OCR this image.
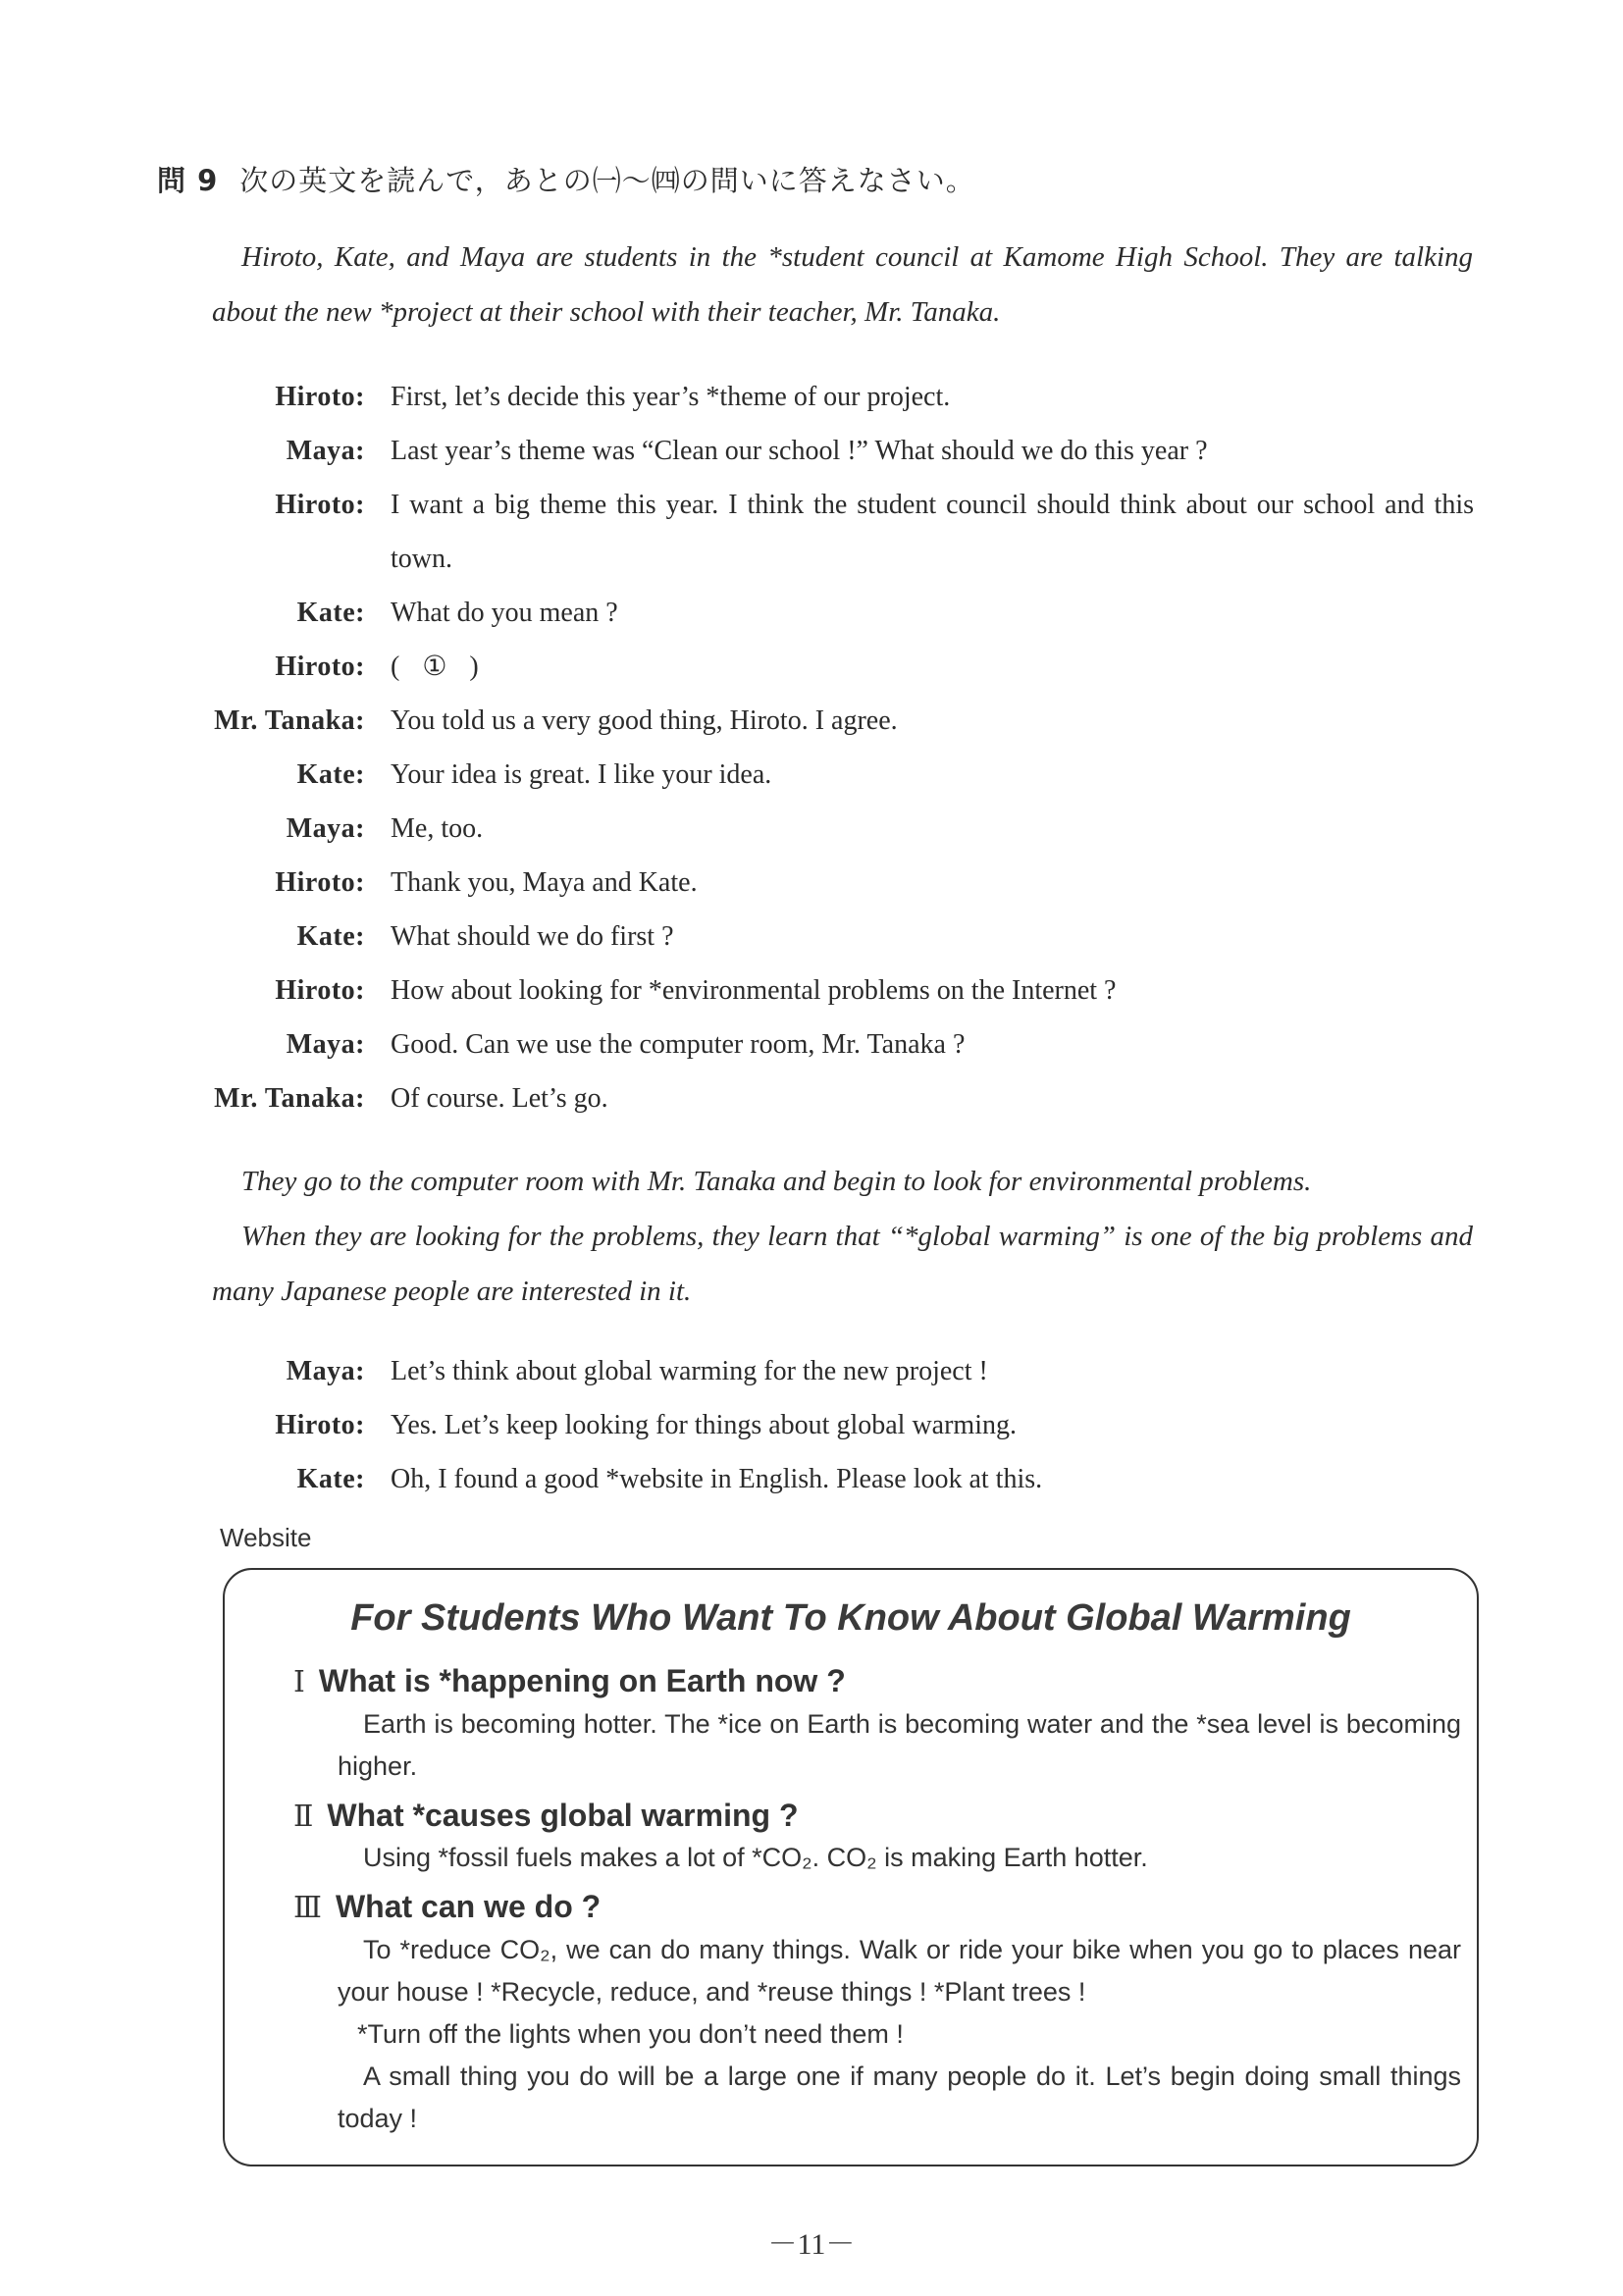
問 9 次の英文を読んで，あとの㈠〜㈣の問いに答えなさい。

Hiroto, Kate, and Maya are students in the *student council at Kamome High School. They are talking about the new *project at their school with their teacher, Mr. Tanaka.

Hiroto: First, let’s decide this year’s *theme of our project.
Maya: Last year’s theme was “Clean our school !” What should we do this year ?
Hiroto: I want a big theme this year. I think the student council should think about our school and this town.
Kate: What do you mean ?
Hiroto: ( ① )
Mr. Tanaka: You told us a very good thing, Hiroto. I agree.
Kate: Your idea is great. I like your idea.
Maya: Me, too.
Hiroto: Thank you, Maya and Kate.
Kate: What should we do first ?
Hiroto: How about looking for *environmental problems on the Internet ?
Maya: Good. Can we use the computer room, Mr. Tanaka ?
Mr. Tanaka: Of course. Let’s go.

They go to the computer room with Mr. Tanaka and begin to look for environmental problems.

When they are looking for the problems, they learn that “*global warming” is one of the big problems and many Japanese people are interested in it.

Maya: Let’s think about global warming for the new project !
Hiroto: Yes. Let’s keep looking for things about global warming.
Kate: Oh, I found a good *website in English. Please look at this.
Website
For Students Who Want To Know About Global Warming
Ⅰ What is *happening on Earth now ?

Earth is becoming hotter. The *ice on Earth is becoming water and the *sea level is becoming higher.

Ⅱ What *causes global warming ?

Using *fossil fuels makes a lot of *CO₂. CO₂ is making Earth hotter.

Ⅲ What can we do ?

To *reduce CO₂, we can do many things. Walk or ride your bike when you go to places near your house ! *Recycle, reduce, and *reuse things ! *Plant trees !

*Turn off the lights when you don’t need them !

A small thing you do will be a large one if many people do it. Let’s begin doing small things today !

－11－
